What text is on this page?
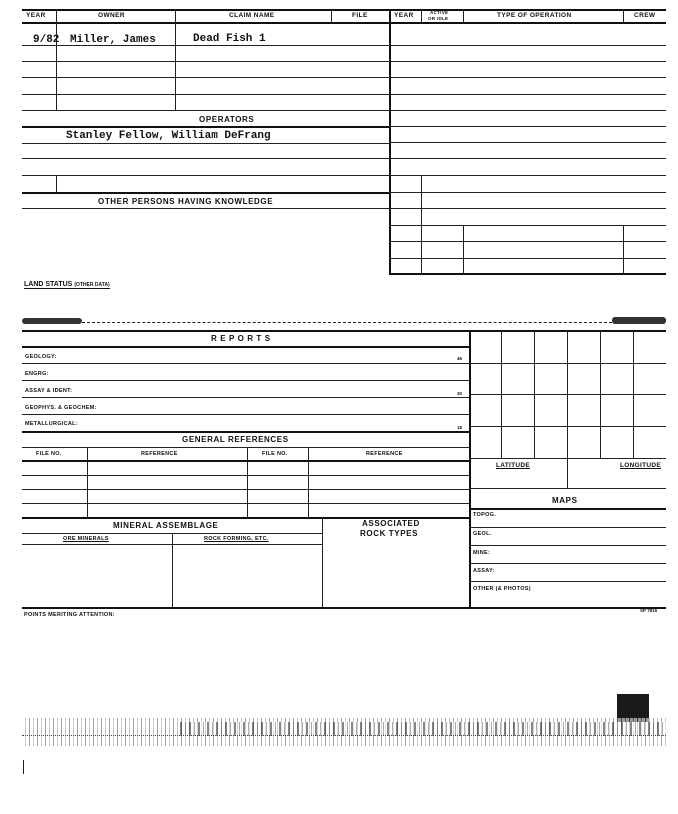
YEAR	OWNER	CLAIM NAME	FILE	YEAR	ACTIVE
OR IDLE	TYPE OF OPERATION	CREW
9/82 Miller, James	Dead Fish 1
OPERATORS
Stanley Fellow, William DeFrang
OTHER PERSONS HAVING KNOWLEDGE
LAND STATUS (OTHER DATA)
R E P O R T S
GEOLOGY:	46
ENGRG:
ASSAY & IDENT:	30
GEOPHYS. & GEOCHEM:
METALLURGICAL:
18
GENERAL REFERENCES
FILE NO.	REFERENCE	FILE NO.	REFERENCE
MINERAL ASSEMBLAGE	ASSOCIATED
ROCK TYPES
ORE MINERALS	ROCK FORMING, ETC.
LATITUDE	LONGITUDE
MAPS
TOPOG.
GEOL.
MINE:
ASSAY:
OTHER (& PHOTOS)
POINTS MERITING ATTENTION:
SP 7815
